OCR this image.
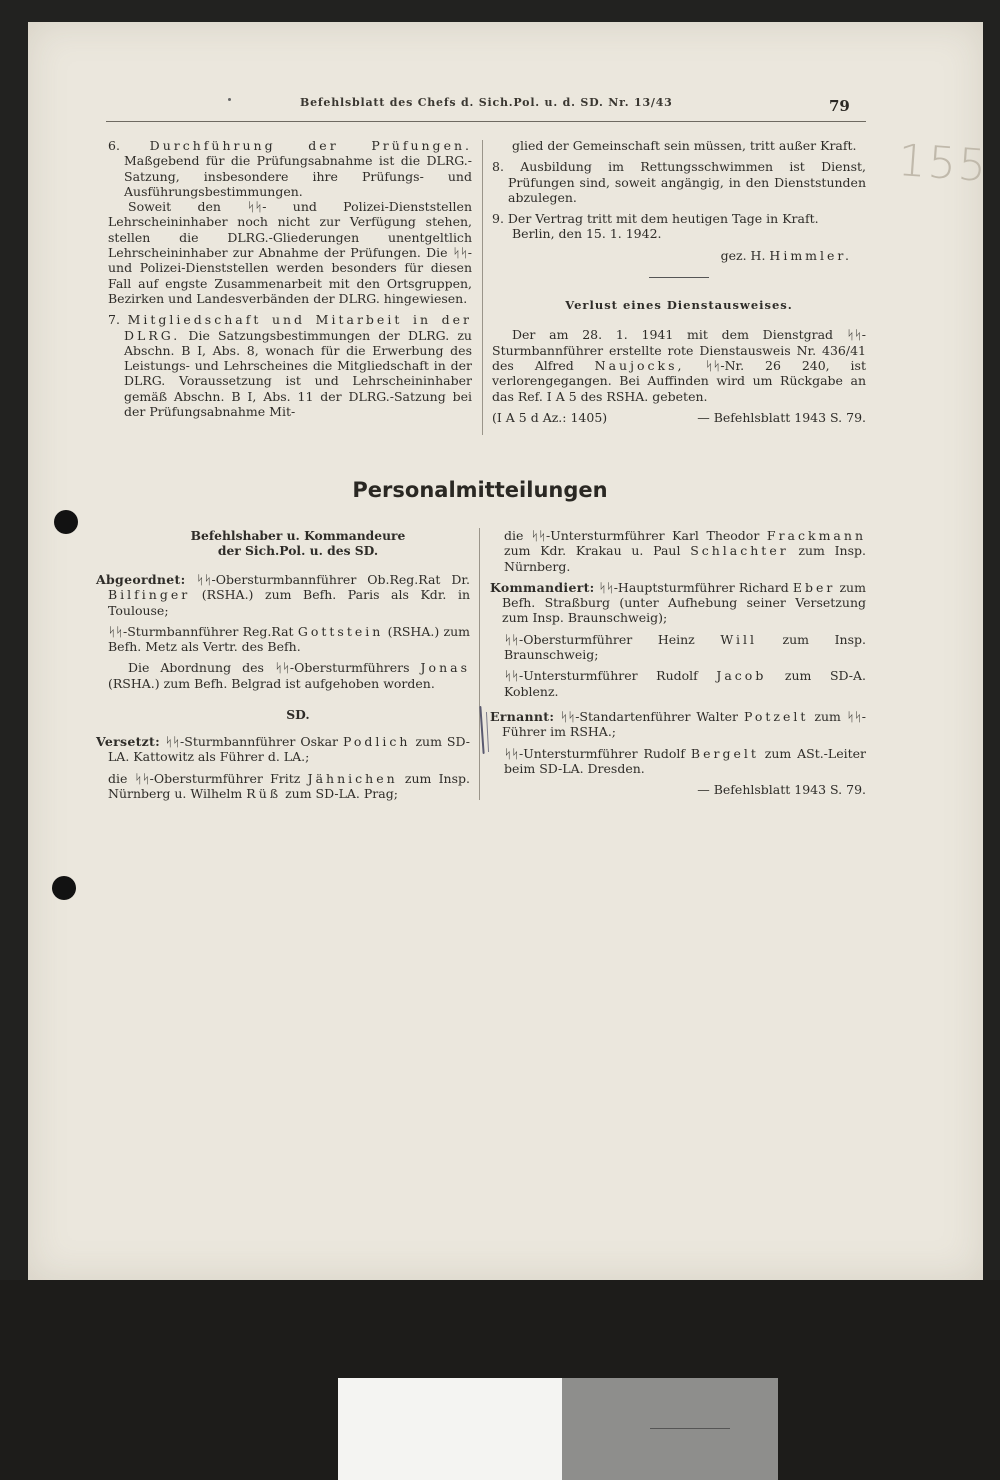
Befehlsblatt des Chefs d. Sich.Pol. u. d. SD. Nr. 13/43	79
155

6. Durchführung der Prüfungen. Maßgebend für die Prüfungsabnahme ist die DLRG.-Satzung, insbesondere ihre Prüfungs- und Ausführungsbestimmungen.

Soweit den ᛋᛋ- und Polizei-Dienststellen Lehrscheininhaber noch nicht zur Verfügung stehen, stellen die DLRG.-Gliederungen unentgeltlich Lehrscheininhaber zur Abnahme der Prüfungen. Die ᛋᛋ- und Polizei-Dienststellen werden besonders für diesen Fall auf engste Zusammenarbeit mit den Ortsgruppen, Bezirken und Landesverbänden der DLRG. hingewiesen.

7. Mitgliedschaft und Mitarbeit in der DLRG. Die Satzungsbestimmungen der DLRG. zu Abschn. B I, Abs. 8, wonach für die Erwerbung des Leistungs- und Lehrscheines die Mitgliedschaft in der DLRG. Voraussetzung ist und Lehrscheininhaber gemäß Abschn. B I, Abs. 11 der DLRG.-Satzung bei der Prüfungsabnahme Mit-

glied der Gemeinschaft sein müssen, tritt außer Kraft.

8. Ausbildung im Rettungsschwimmen ist Dienst, Prüfungen sind, soweit angängig, in den Dienststunden abzulegen.

9. Der Vertrag tritt mit dem heutigen Tage in Kraft.

Berlin, den 15. 1. 1942.

gez. H. Himmler.

Verlust eines Dienstausweises.

Der am 28. 1. 1941 mit dem Dienstgrad ᛋᛋ-Sturmbannführer erstellte rote Dienstausweis Nr. 436/41 des Alfred Naujocks, ᛋᛋ-Nr. 26 240, ist verlorengegangen. Bei Auffinden wird um Rückgabe an das Ref. I A 5 des RSHA. gebeten.

(I A 5 d Az.: 1405)	— Befehlsblatt 1943 S. 79.

Personalmitteilungen

Befehlshaber u. Kommandeure

der Sich.Pol. u. des SD.

Abgeordnet: ᛋᛋ-Obersturmbannführer Ob.Reg.Rat Dr. Bilfinger (RSHA.) zum Befh. Paris als Kdr. in Toulouse;

ᛋᛋ-Sturmbannführer Reg.Rat Gottstein (RSHA.) zum Befh. Metz als Vertr. des Befh.

Die Abordnung des ᛋᛋ-Obersturmführers Jonas (RSHA.) zum Befh. Belgrad ist aufgehoben worden.

SD.

Versetzt: ᛋᛋ-Sturmbannführer Oskar Podlich zum SD-LA. Kattowitz als Führer d. LA.;

die ᛋᛋ-Obersturmführer Fritz Jähnichen zum Insp. Nürnberg u. Wilhelm Rüß zum SD-LA. Prag;

die ᛋᛋ-Untersturmführer Karl Theodor Frackmann zum Kdr. Krakau u. Paul Schlachter zum Insp. Nürnberg.

Kommandiert: ᛋᛋ-Hauptsturmführer Richard Eber zum Befh. Straßburg (unter Aufhebung seiner Versetzung zum Insp. Braunschweig);

ᛋᛋ-Obersturmführer Heinz Will zum Insp. Braunschweig;

ᛋᛋ-Untersturmführer Rudolf Jacob zum SD-A. Koblenz.

Ernannt: ᛋᛋ-Standartenführer Walter Potzelt zum ᛋᛋ-Führer im RSHA.;

ᛋᛋ-Untersturmführer Rudolf Bergelt zum ASt.-Leiter beim SD-LA. Dresden.

— Befehlsblatt 1943 S. 79.
